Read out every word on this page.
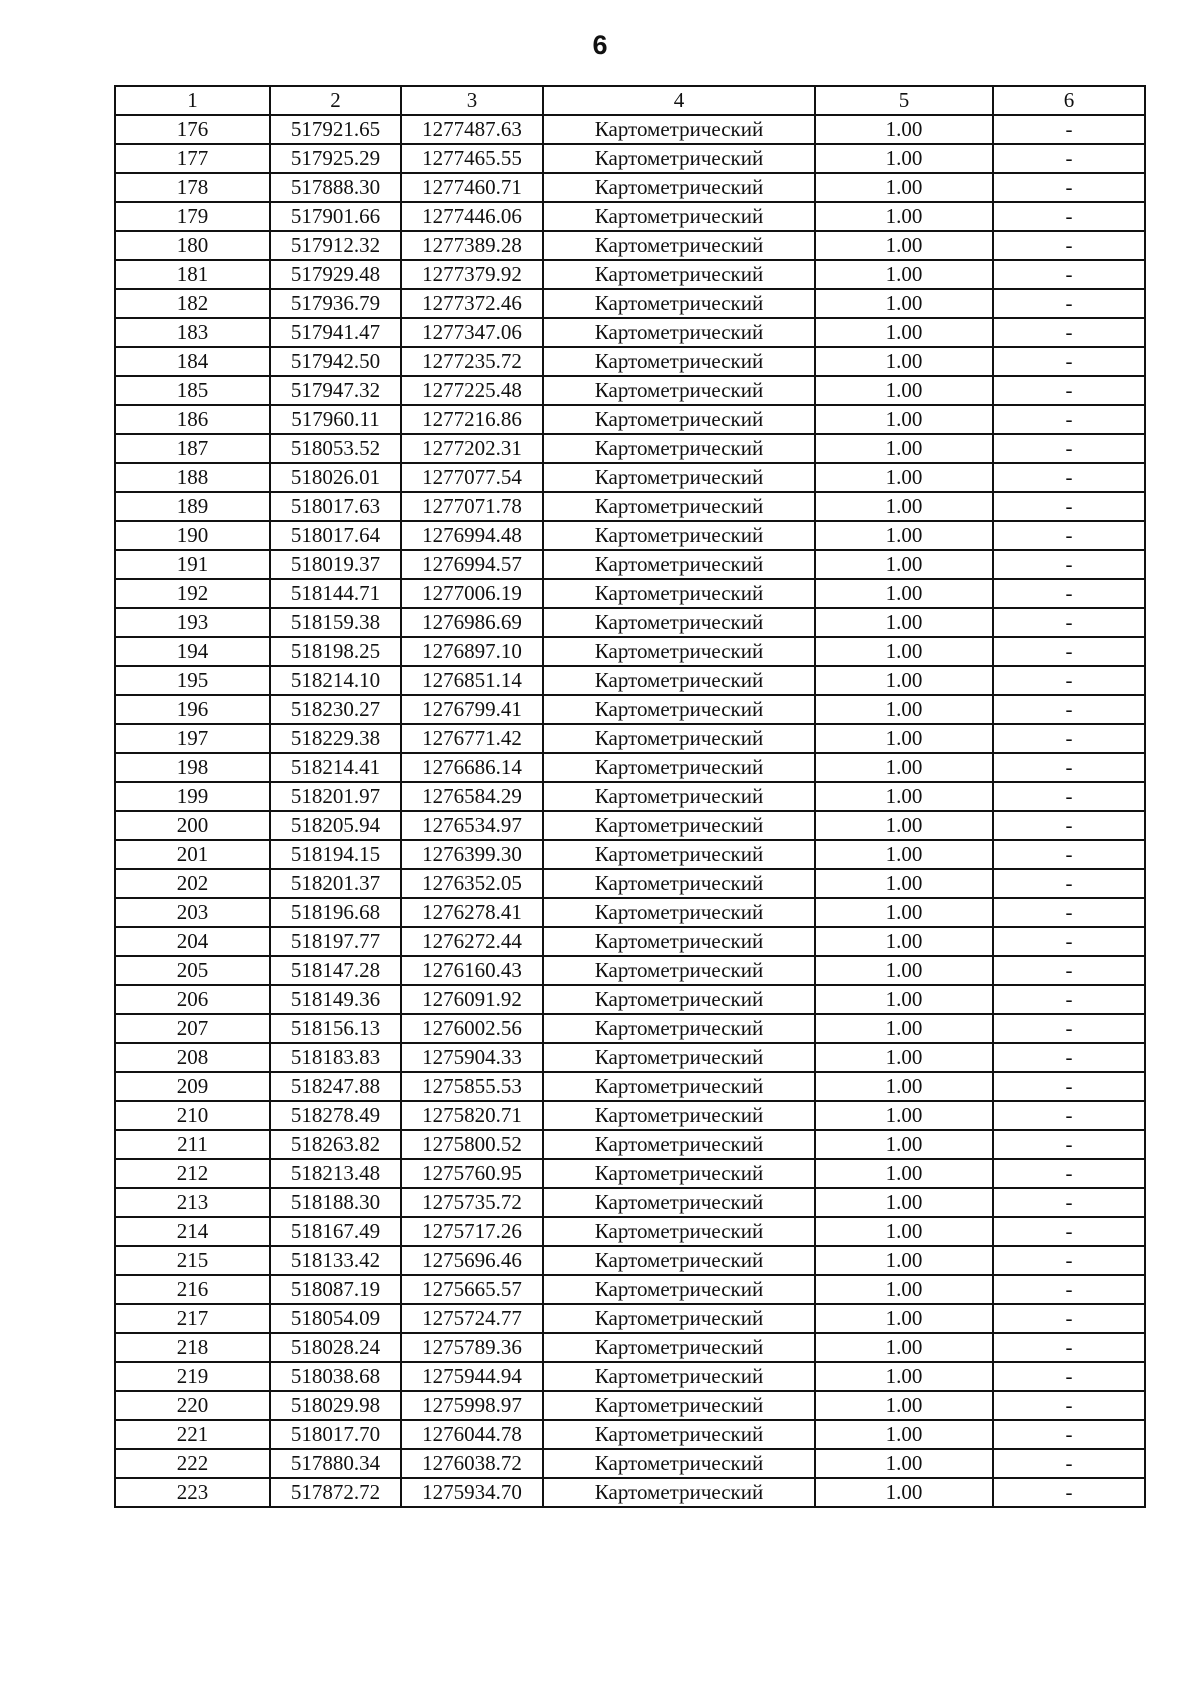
6
1	2	3	4	5	6
176	517921.65	1277487.63	Картометрический	1.00	-
177	517925.29	1277465.55	Картометрический	1.00	-
178	517888.30	1277460.71	Картометрический	1.00	-
179	517901.66	1277446.06	Картометрический	1.00	-
180	517912.32	1277389.28	Картометрический	1.00	-
181	517929.48	1277379.92	Картометрический	1.00	-
182	517936.79	1277372.46	Картометрический	1.00	-
183	517941.47	1277347.06	Картометрический	1.00	-
184	517942.50	1277235.72	Картометрический	1.00	-
185	517947.32	1277225.48	Картометрический	1.00	-
186	517960.11	1277216.86	Картометрический	1.00	-
187	518053.52	1277202.31	Картометрический	1.00	-
188	518026.01	1277077.54	Картометрический	1.00	-
189	518017.63	1277071.78	Картометрический	1.00	-
190	518017.64	1276994.48	Картометрический	1.00	-
191	518019.37	1276994.57	Картометрический	1.00	-
192	518144.71	1277006.19	Картометрический	1.00	-
193	518159.38	1276986.69	Картометрический	1.00	-
194	518198.25	1276897.10	Картометрический	1.00	-
195	518214.10	1276851.14	Картометрический	1.00	-
196	518230.27	1276799.41	Картометрический	1.00	-
197	518229.38	1276771.42	Картометрический	1.00	-
198	518214.41	1276686.14	Картометрический	1.00	-
199	518201.97	1276584.29	Картометрический	1.00	-
200	518205.94	1276534.97	Картометрический	1.00	-
201	518194.15	1276399.30	Картометрический	1.00	-
202	518201.37	1276352.05	Картометрический	1.00	-
203	518196.68	1276278.41	Картометрический	1.00	-
204	518197.77	1276272.44	Картометрический	1.00	-
205	518147.28	1276160.43	Картометрический	1.00	-
206	518149.36	1276091.92	Картометрический	1.00	-
207	518156.13	1276002.56	Картометрический	1.00	-
208	518183.83	1275904.33	Картометрический	1.00	-
209	518247.88	1275855.53	Картометрический	1.00	-
210	518278.49	1275820.71	Картометрический	1.00	-
211	518263.82	1275800.52	Картометрический	1.00	-
212	518213.48	1275760.95	Картометрический	1.00	-
213	518188.30	1275735.72	Картометрический	1.00	-
214	518167.49	1275717.26	Картометрический	1.00	-
215	518133.42	1275696.46	Картометрический	1.00	-
216	518087.19	1275665.57	Картометрический	1.00	-
217	518054.09	1275724.77	Картометрический	1.00	-
218	518028.24	1275789.36	Картометрический	1.00	-
219	518038.68	1275944.94	Картометрический	1.00	-
220	518029.98	1275998.97	Картометрический	1.00	-
221	518017.70	1276044.78	Картометрический	1.00	-
222	517880.34	1276038.72	Картометрический	1.00	-
223	517872.72	1275934.70	Картометрический	1.00	-
